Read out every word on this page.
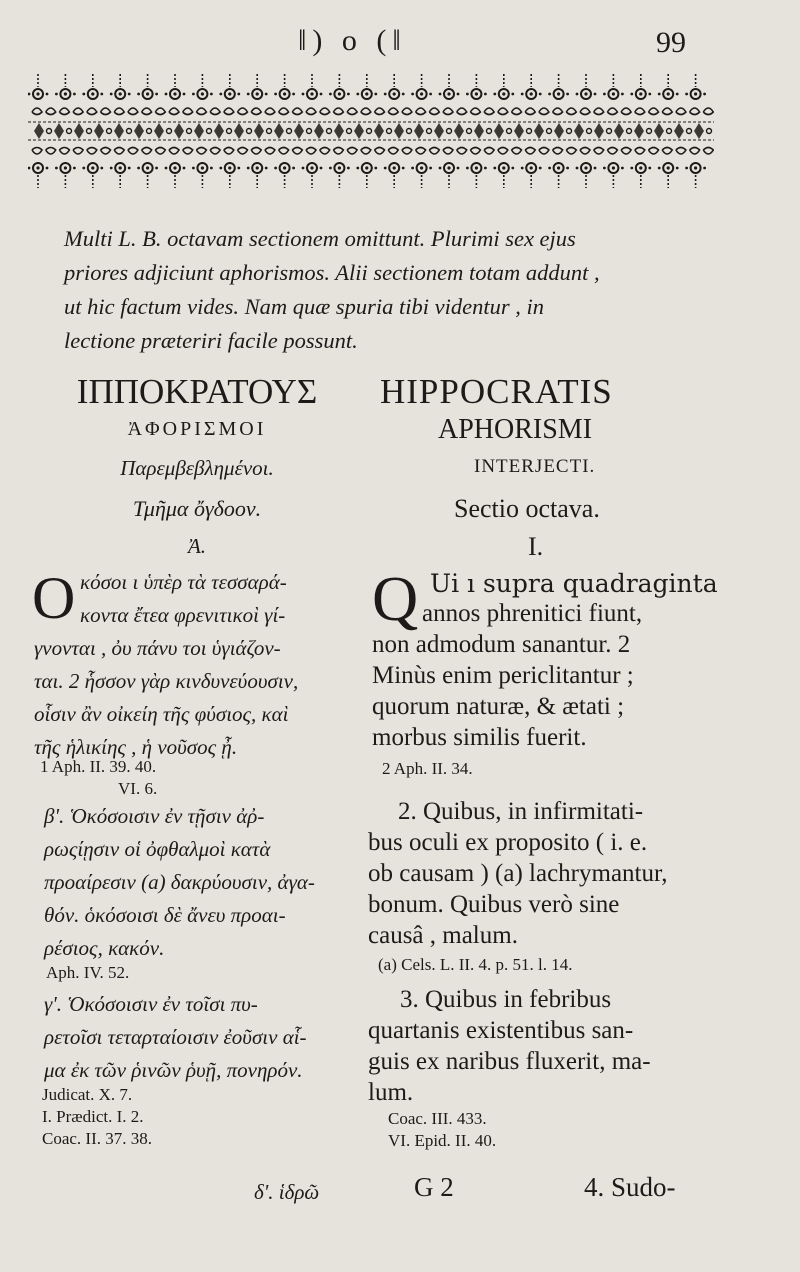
ǁ) o (ǁ	99
Multi L. B. octavam sectionem omittunt. Plurimi sex ejus
priores adjiciunt aphorismos. Alii sectionem totam addunt ,
ut hic factum vides. Nam quæ spuria tibi videntur , in
lectione præteriri facile possunt.
ΙΠΠΟΚΡΑΤΟΥΣ
ἈΦΟΡΙΣΜΟΙ
Παρεμβεβλημένοι.
Τμῆμα ὄγδοον.
Ἀ.
Ο κόσοι ι ὑπὲρ τὰ τεσσαρά-
κοντα ἔτεα φρενιτικοὶ γί-
γνονται , ὀυ πάνυ τοι ὑγιάζον-
ται. 2 ἧσσον γὰρ κινδυνεύουσιν,
οἷσιν ἂν οἰκείη τῆς φύσιος, καὶ
τῆς ἡλικίης , ἡ νοῦσος ᾖ.
1 Aph. II. 39. 40.
VI. 6.
β'. Ὁκόσοισιν ἐν τῇσιν ἀῤ-
ρωςίῃσιν οἱ ὀφθαλμοὶ κατὰ
προαίρεσιν (a) δακρύουσιν, ἀγα-
θόν. ὁκόσοισι δὲ ἄνευ προαι-
ρέσιος, κακόν.
Aph. IV. 52.
γ'. Ὁκόσοισιν ἐν τοῖσι πυ-
ρετοῖσι τεταρταίοισιν ἐοῦσιν αἷ-
μα ἐκ τῶν ῥινῶν ῥυῇ, πονηρόν.
Judicat. X. 7.
I. Prædict. I. 2.
Coac. II. 37. 38.
δ'. ἱδρῶ
HIPPOCRATIS
APHORISMI
INTERJECTI.
Sectio octava.
I.
Q Ui ı supra quadraginta
annos phrenitici fiunt,
non admodum sanantur. 2
Minùs enim periclitantur ;
quorum naturæ, & ætati ;
morbus similis fuerit.
2 Aph. II. 34.
2. Quibus, in infirmitati-
bus oculi ex proposito ( i. e.
ob causam ) (a) lachrymantur,
bonum. Quibus verò sine
causâ , malum.
(a) Cels. L. II. 4. p. 51. l. 14.
3. Quibus in febribus
quartanis existentibus san-
guis ex naribus fluxerit, ma-
lum.
Coac. III. 433.
VI. Epid. II. 40.
G 2	4. Sudo-
